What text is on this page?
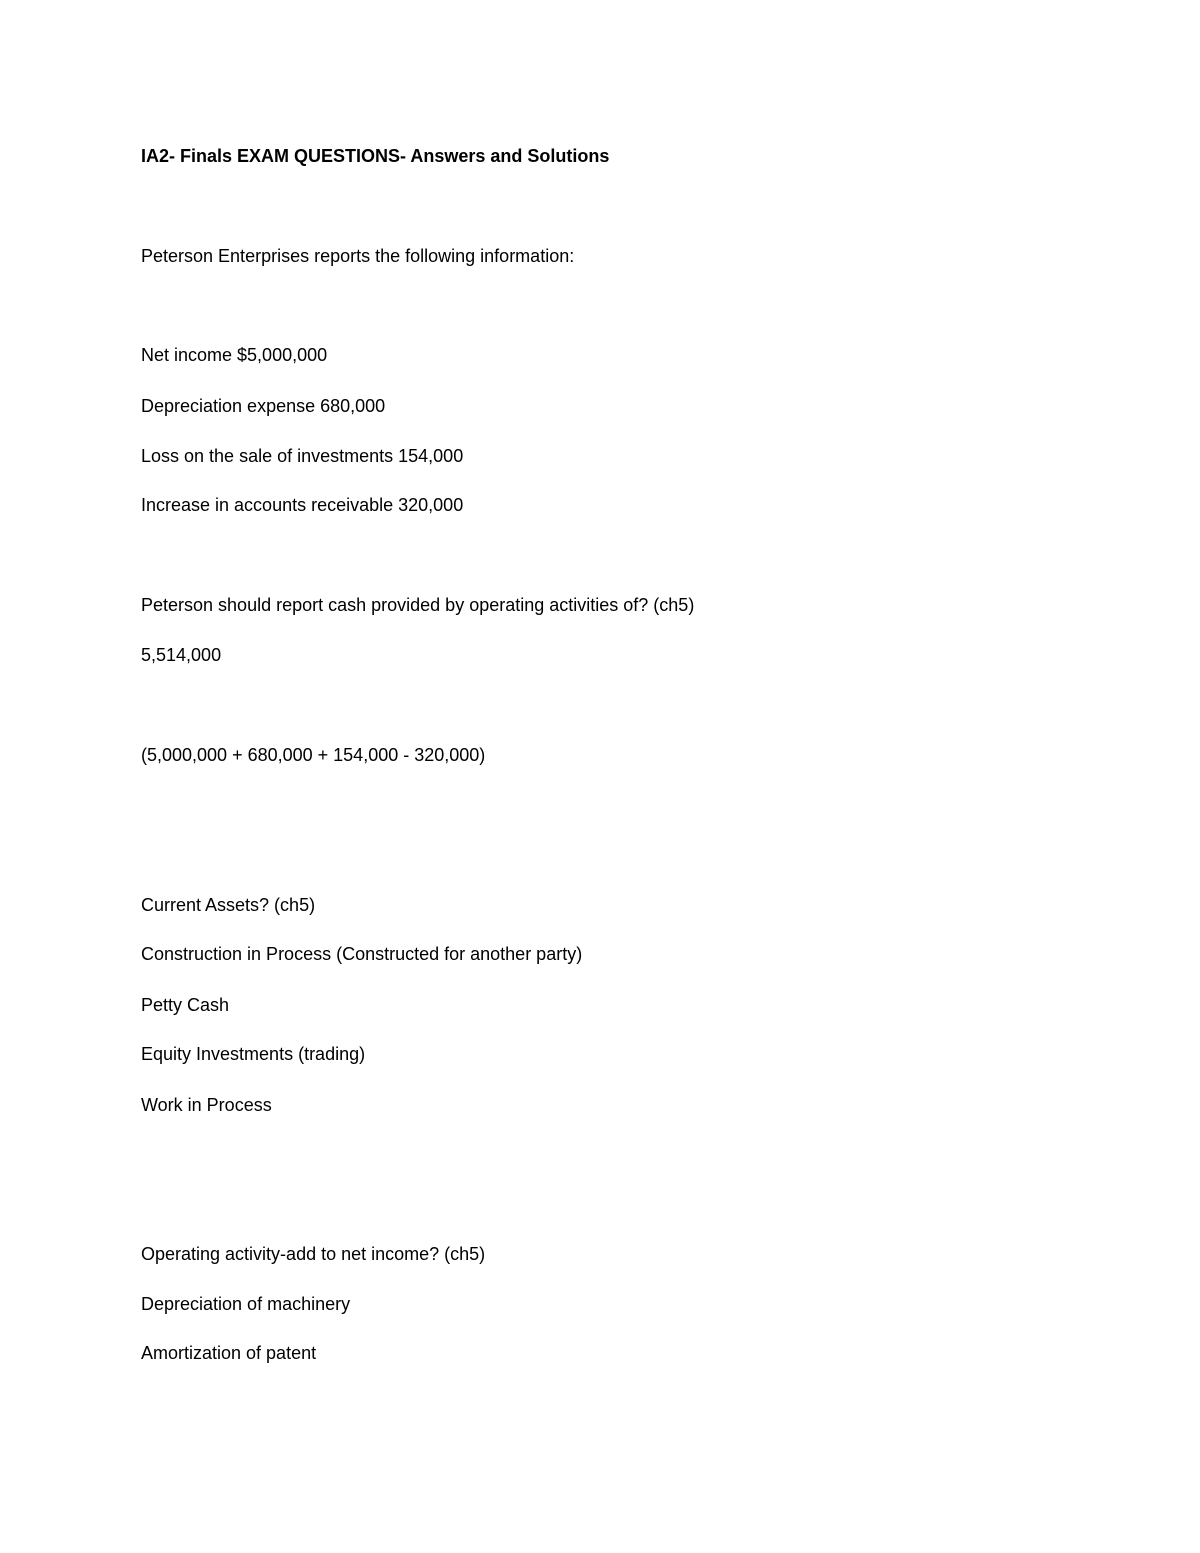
IA2- Finals EXAM QUESTIONS- Answers and Solutions
Peterson Enterprises reports the following information:
Net income $5,000,000
Depreciation expense 680,000
Loss on the sale of investments 154,000
Increase in accounts receivable 320,000
Peterson should report cash provided by operating activities of? (ch5)
5,514,000
(5,000,000 + 680,000 + 154,000 - 320,000)
Current Assets? (ch5)
Construction in Process (Constructed for another party)
Petty Cash
Equity Investments (trading)
Work in Process
Operating activity-add to net income? (ch5)
Depreciation of machinery
Amortization of patent
